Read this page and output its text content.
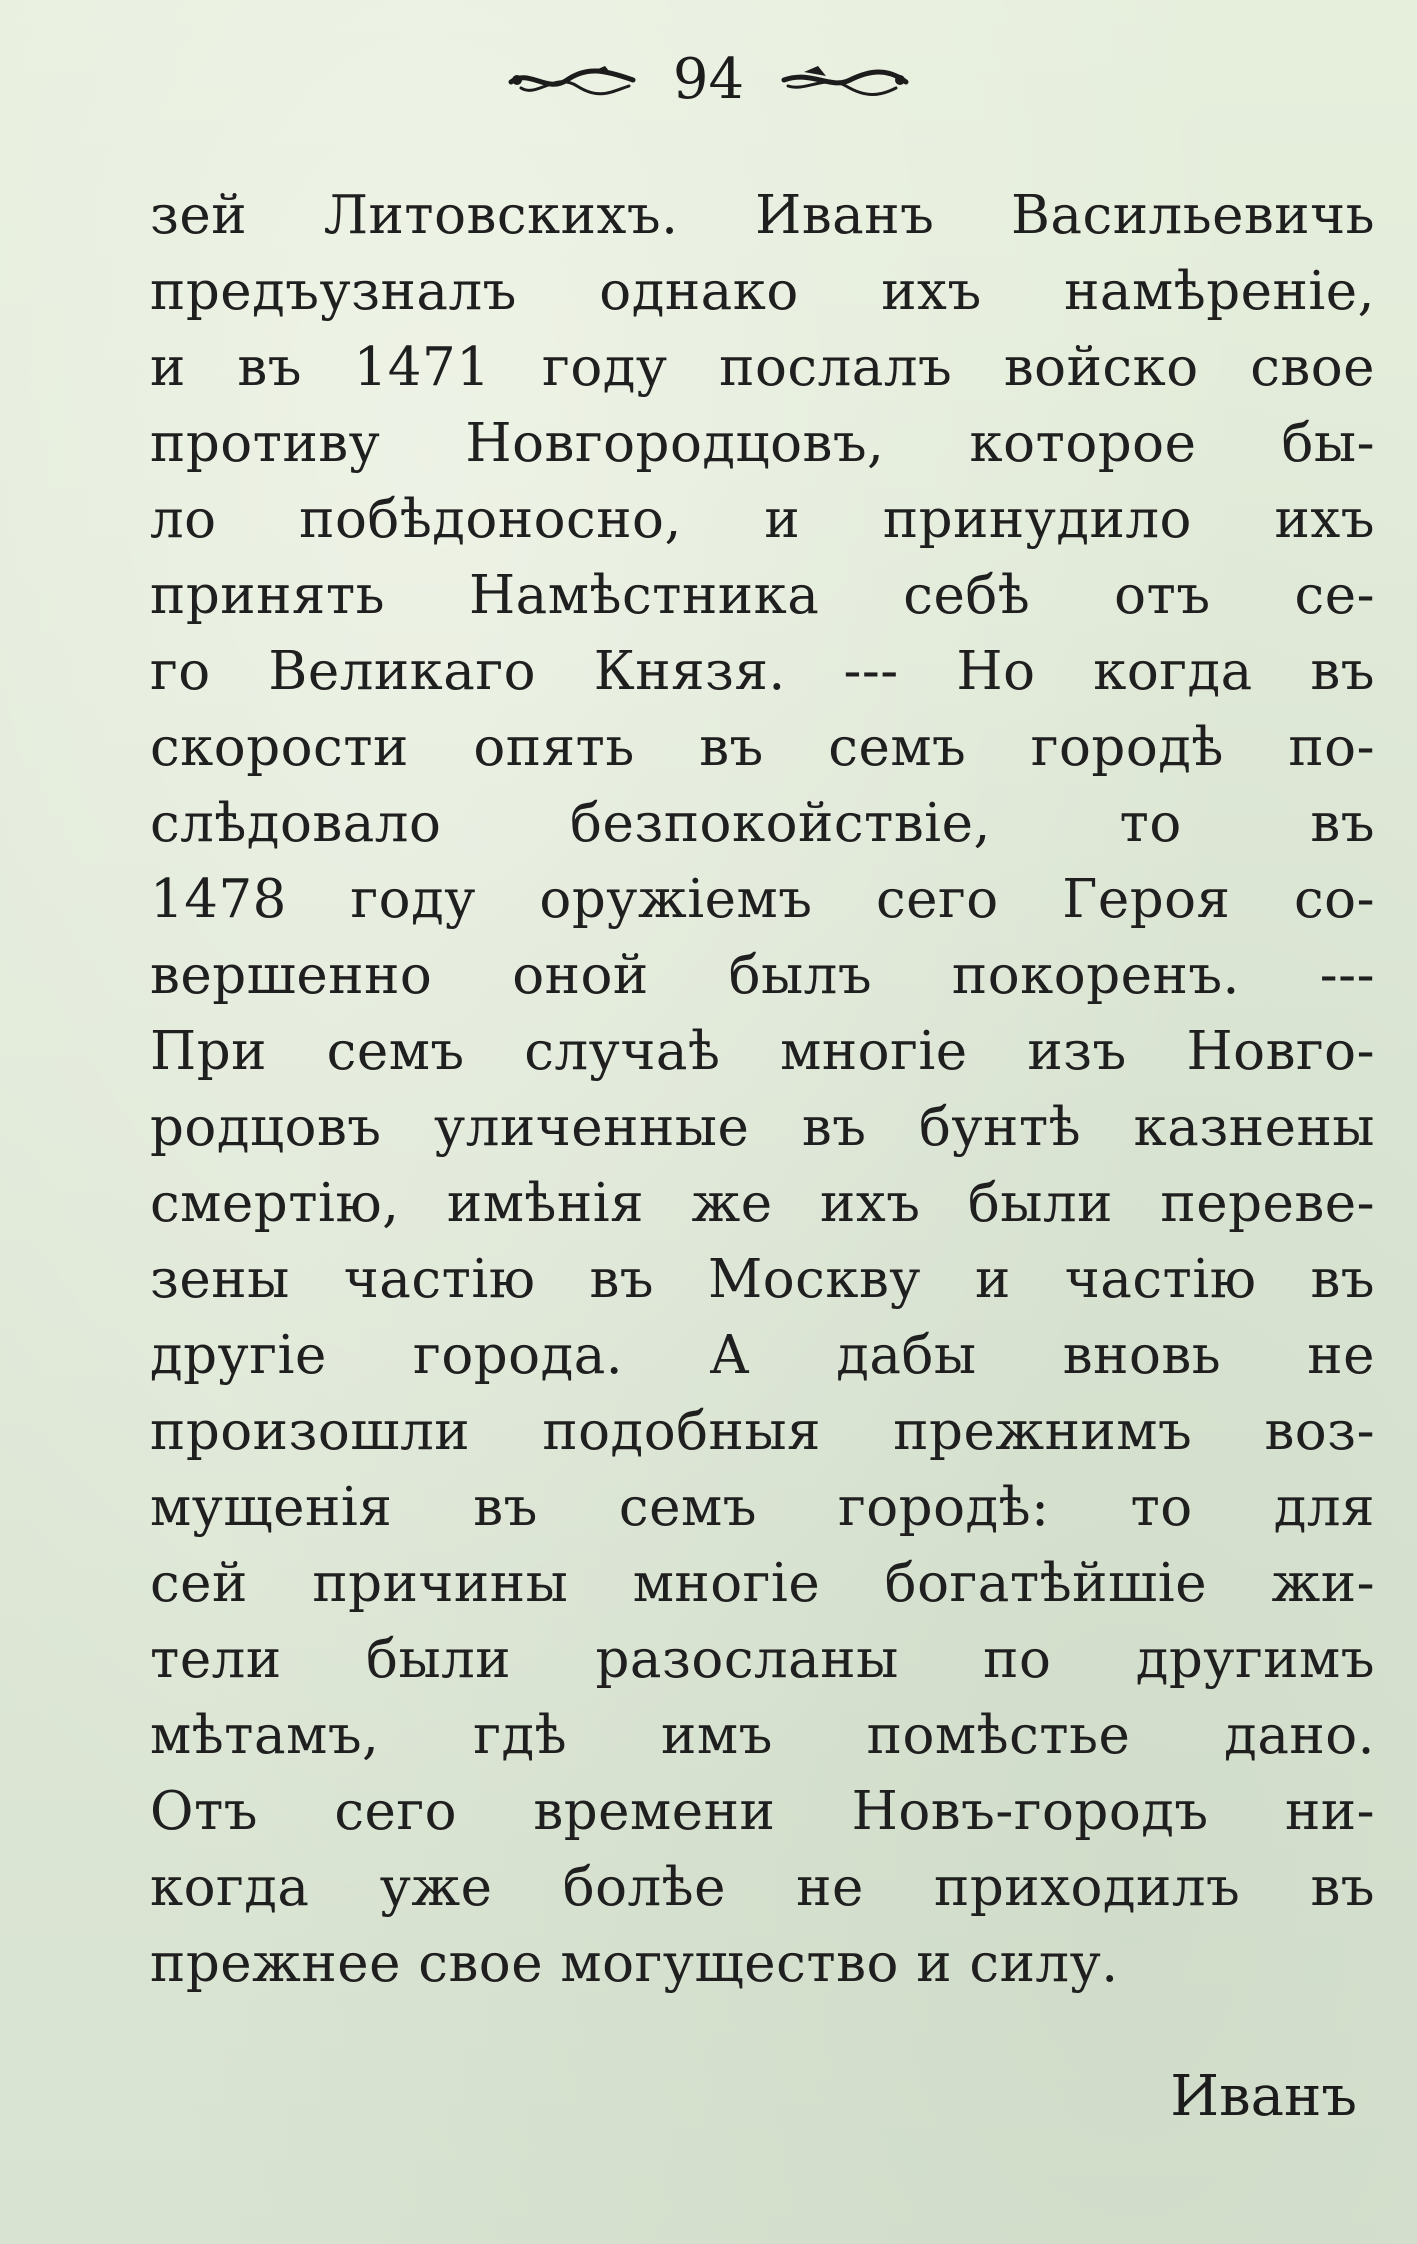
94
зей Литовскихъ. Иванъ Васильевичь
предъузналъ однако ихъ намѣренiе,
и въ 1471 году послалъ войско свое
противу Новгородцовъ, которое бы-
ло побѣдоносно, и принудило ихъ
принять Намѣстника себѣ отъ се-
го Великаго Князя. --- Но когда въ
скорости опять въ семъ городѣ по-
слѣдовало безпокойствiе, то въ
1478 году оружiемъ сего Героя со-
вершенно оной былъ покоренъ. ---
При семъ случаѣ многiе изъ Новго-
родцовъ уличенные въ бунтѣ казнены
смертiю, имѣнiя же ихъ были переве-
зены частiю въ Москву и частiю въ
другiе города. А дабы вновь не
произошли подобныя прежнимъ воз-
мущенiя въ семъ городѣ: то для
сей причины многiе богатѣйшiе жи-
тели были разосланы по другимъ
мѣтамъ, гдѣ имъ помѣстье дано.
Отъ сего времени Новъ-городъ ни-
когда уже болѣе не приходилъ въ
прежнее свое могущество и силу.
Иванъ
